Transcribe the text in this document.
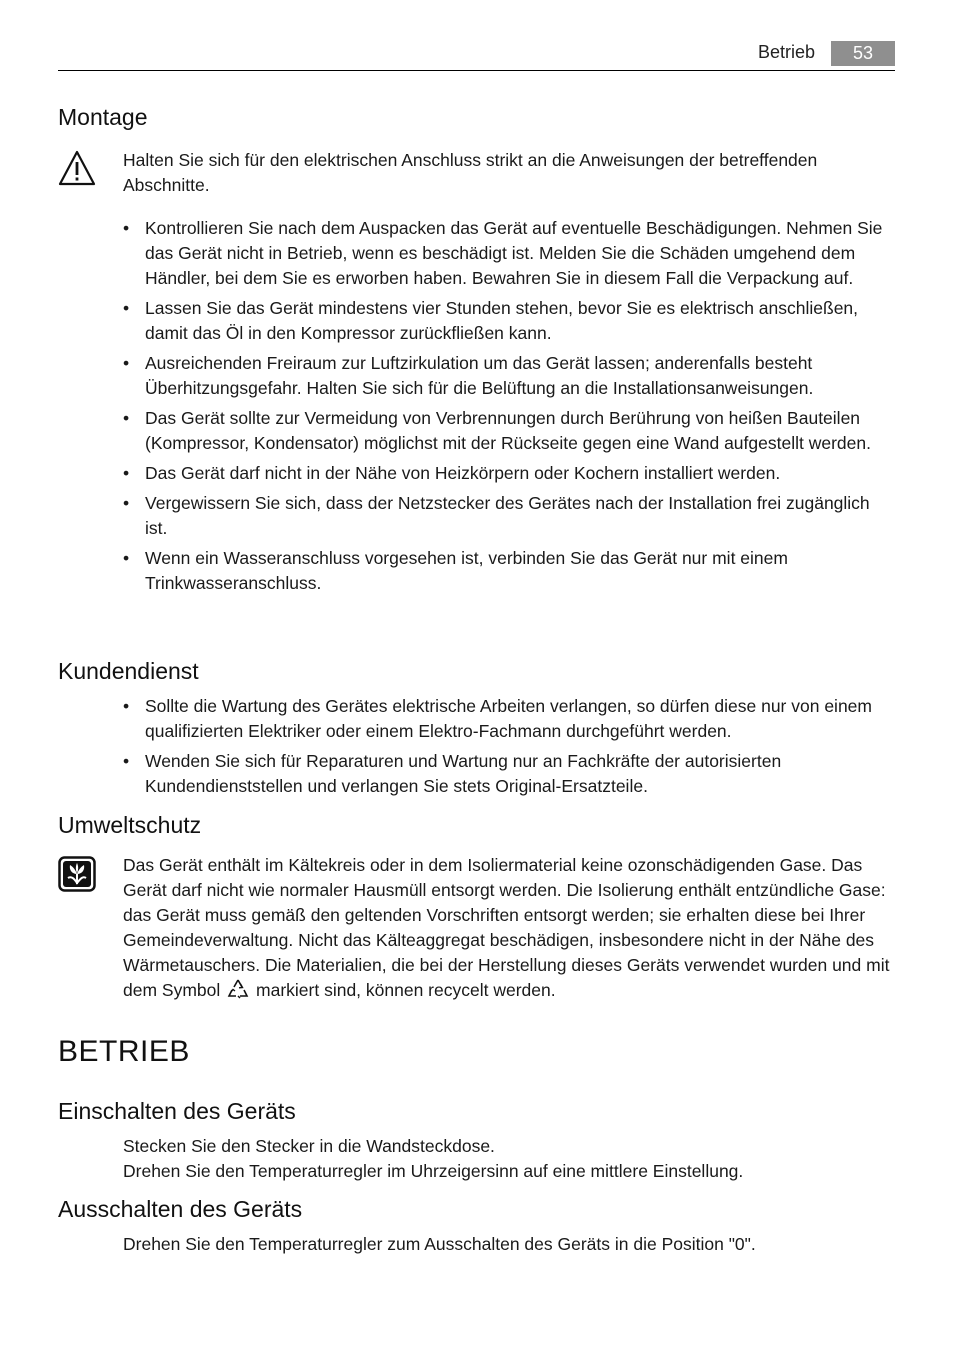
Betrieb	53
Montage

Halten Sie sich für den elektrischen Anschluss strikt an die Anweisungen der betreffenden Abschnitte.

• Kontrollieren Sie nach dem Auspacken das Gerät auf eventuelle Beschädigungen. Nehmen Sie das Gerät nicht in Betrieb, wenn es beschädigt ist. Melden Sie die Schäden umgehend dem Händler, bei dem Sie es erworben haben. Bewahren Sie in diesem Fall die Verpackung auf.
• Lassen Sie das Gerät mindestens vier Stunden stehen, bevor Sie es elektrisch anschließen, damit das Öl in den Kompressor zurückfließen kann.
• Ausreichenden Freiraum zur Luftzirkulation um das Gerät lassen; anderenfalls besteht Überhitzungsgefahr. Halten Sie sich für die Belüftung an die Installationsanweisungen.
• Das Gerät sollte zur Vermeidung von Verbrennungen durch Berührung von heißen Bauteilen (Kompressor, Kondensator) möglichst mit der Rückseite gegen eine Wand aufgestellt werden.
• Das Gerät darf nicht in der Nähe von Heizkörpern oder Kochern installiert werden.
• Vergewissern Sie sich, dass der Netzstecker des Gerätes nach der Installation frei zugänglich ist.
• Wenn ein Wasseranschluss vorgesehen ist, verbinden Sie das Gerät nur mit einem Trinkwasseranschluss.
Kundendienst
• Sollte die Wartung des Gerätes elektrische Arbeiten verlangen, so dürfen diese nur von einem qualifizierten Elektriker oder einem Elektro-Fachmann durchgeführt werden.
• Wenden Sie sich für Reparaturen und Wartung nur an Fachkräfte der autorisierten Kundendienststellen und verlangen Sie stets Original-Ersatzteile.
Umweltschutz

Das Gerät enthält im Kältekreis oder in dem Isoliermaterial keine ozonschädigenden Gase. Das Gerät darf nicht wie normaler Hausmüll entsorgt werden. Die Isolierung enthält entzündliche Gase: das Gerät muss gemäß den geltenden Vorschriften entsorgt werden; sie erhalten diese bei Ihrer Gemeindeverwaltung. Nicht das Kälteaggregat beschädigen, insbesondere nicht in der Nähe des Wärmetauschers. Die Materialien, die bei der Herstellung dieses Geräts verwendet wurden und mit dem Symbol markiert sind, können recycelt werden.

BETRIEB
Einschalten des Geräts

Stecken Sie den Stecker in die Wandsteckdose.

Drehen Sie den Temperaturregler im Uhrzeigersinn auf eine mittlere Einstellung.

Ausschalten des Geräts

Drehen Sie den Temperaturregler zum Ausschalten des Geräts in die Position "0".
